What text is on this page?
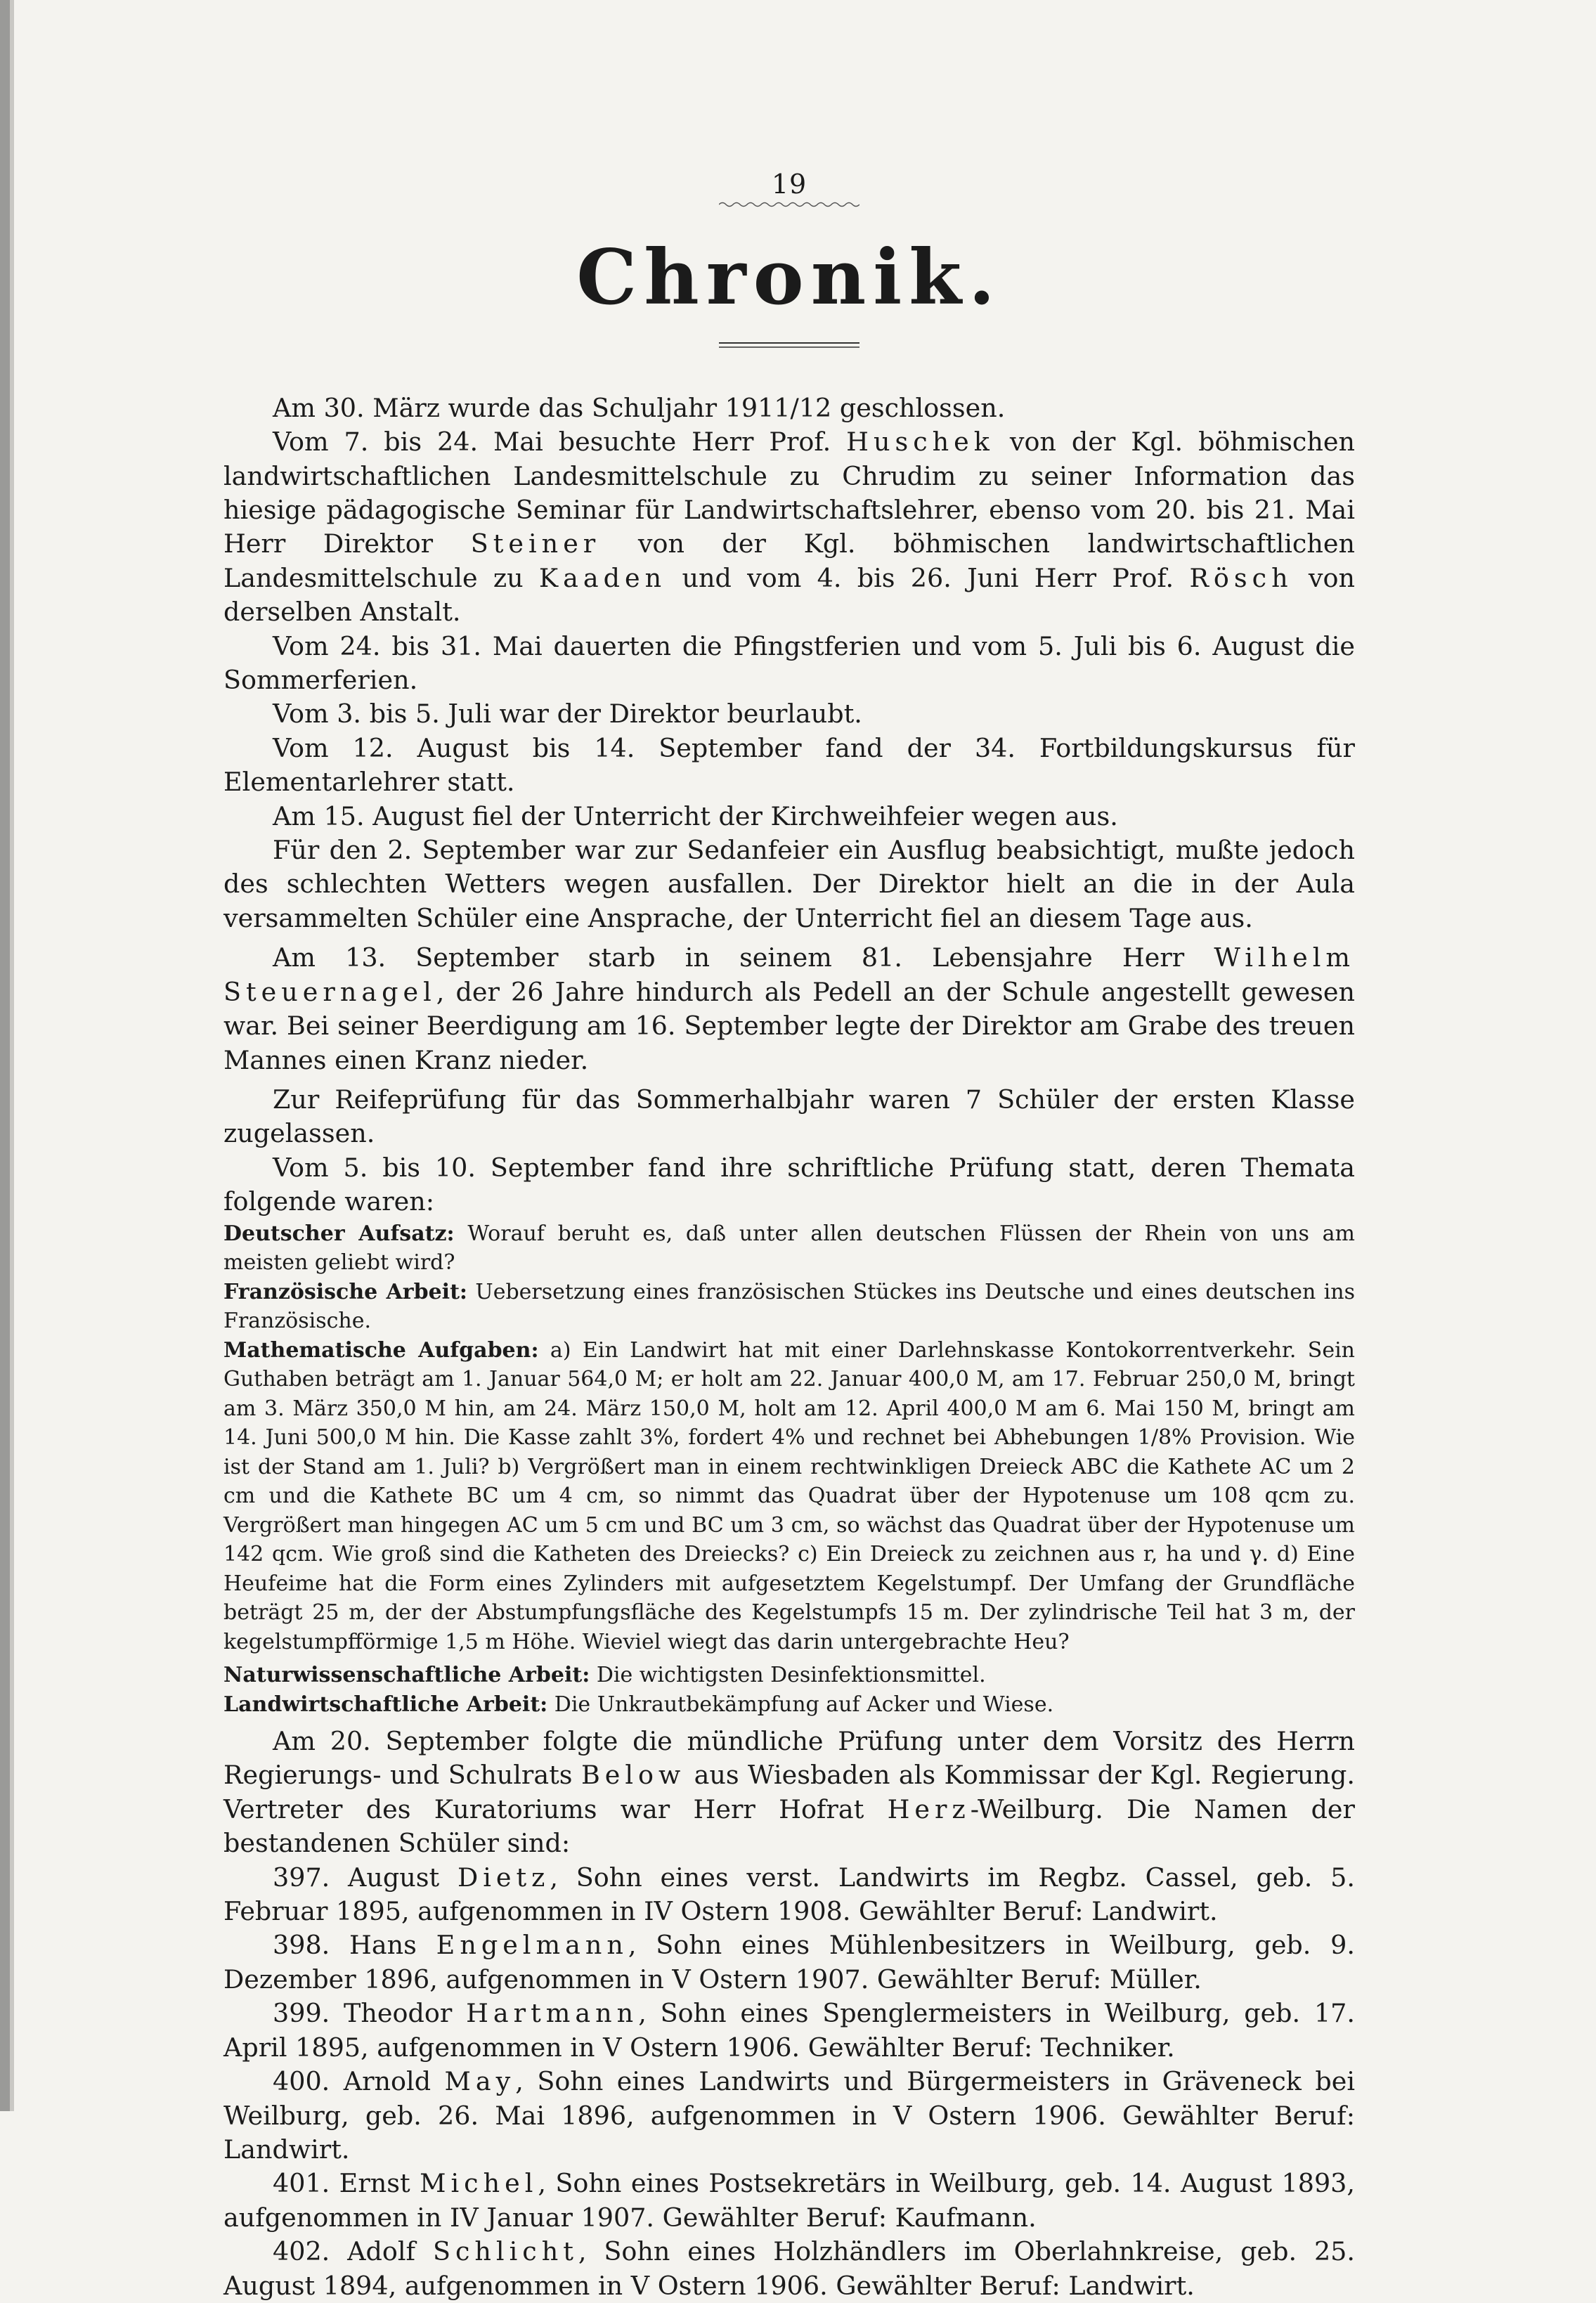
19
Chronik.

Am 30. März wurde das Schuljahr 1911/12 geschlossen.

Vom 7. bis 24. Mai besuchte Herr Prof. Huschek von der Kgl. böhmischen landwirtschaftlichen Landesmittelschule zu Chrudim zu seiner Information das hiesige pädagogische Seminar für Landwirtschaftslehrer, ebenso vom 20. bis 21. Mai Herr Direktor Steiner von der Kgl. böhmischen landwirtschaftlichen Landesmittelschule zu Kaaden und vom 4. bis 26. Juni Herr Prof. Rösch von derselben Anstalt.

Vom 24. bis 31. Mai dauerten die Pfingstferien und vom 5. Juli bis 6. August die Sommerferien.

Vom 3. bis 5. Juli war der Direktor beurlaubt.

Vom 12. August bis 14. September fand der 34. Fortbildungskursus für Elementarlehrer statt.

Am 15. August fiel der Unterricht der Kirchweihfeier wegen aus.

Für den 2. September war zur Sedanfeier ein Ausflug beabsichtigt, mußte jedoch des schlechten Wetters wegen ausfallen. Der Direktor hielt an die in der Aula versammelten Schüler eine Ansprache, der Unterricht fiel an diesem Tage aus.

Am 13. September starb in seinem 81. Lebensjahre Herr Wilhelm Steuernagel, der 26 Jahre hindurch als Pedell an der Schule angestellt gewesen war. Bei seiner Beerdigung am 16. September legte der Direktor am Grabe des treuen Mannes einen Kranz nieder.

Zur Reifeprüfung für das Sommerhalbjahr waren 7 Schüler der ersten Klasse zugelassen.

Vom 5. bis 10. September fand ihre schriftliche Prüfung statt, deren Themata folgende waren:

Deutscher Aufsatz: Worauf beruht es, daß unter allen deutschen Flüssen der Rhein von uns am meisten geliebt wird?

Französische Arbeit: Uebersetzung eines französischen Stückes ins Deutsche und eines deutschen ins Französische.

Mathematische Aufgaben: a) Ein Landwirt hat mit einer Darlehnskasse Kontokorrentverkehr. Sein Guthaben beträgt am 1. Januar 564,0 M; er holt am 22. Januar 400,0 M, am 17. Februar 250,0 M, bringt am 3. März 350,0 M hin, am 24. März 150,0 M, holt am 12. April 400,0 M am 6. Mai 150 M, bringt am 14. Juni 500,0 M hin. Die Kasse zahlt 3%, fordert 4% und rechnet bei Abhebungen 1/8% Provision. Wie ist der Stand am 1. Juli? b) Vergrößert man in einem rechtwinkligen Dreieck ABC die Kathete AC um 2 cm und die Kathete BC um 4 cm, so nimmt das Quadrat über der Hypotenuse um 108 qcm zu. Vergrößert man hingegen AC um 5 cm und BC um 3 cm, so wächst das Quadrat über der Hypotenuse um 142 qcm. Wie groß sind die Katheten des Dreiecks? c) Ein Dreieck zu zeichnen aus r, ha und γ. d) Eine Heufeime hat die Form eines Zylinders mit aufgesetztem Kegelstumpf. Der Umfang der Grundfläche beträgt 25 m, der der Abstumpfungsfläche des Kegelstumpfs 15 m. Der zylindrische Teil hat 3 m, der kegelstumpfförmige 1,5 m Höhe. Wieviel wiegt das darin untergebrachte Heu?

Naturwissenschaftliche Arbeit: Die wichtigsten Desinfektionsmittel.

Landwirtschaftliche Arbeit: Die Unkrautbekämpfung auf Acker und Wiese.

Am 20. September folgte die mündliche Prüfung unter dem Vorsitz des Herrn Regierungs- und Schulrats Below aus Wiesbaden als Kommissar der Kgl. Regierung. Vertreter des Kuratoriums war Herr Hofrat Herz-Weilburg. Die Namen der bestandenen Schüler sind:

397. August Dietz, Sohn eines verst. Landwirts im Regbz. Cassel, geb. 5. Februar 1895, aufgenommen in IV Ostern 1908. Gewählter Beruf: Landwirt.

398. Hans Engelmann, Sohn eines Mühlenbesitzers in Weilburg, geb. 9. Dezember 1896, aufgenommen in V Ostern 1907. Gewählter Beruf: Müller.

399. Theodor Hartmann, Sohn eines Spenglermeisters in Weilburg, geb. 17. April 1895, aufgenommen in V Ostern 1906. Gewählter Beruf: Techniker.

400. Arnold May, Sohn eines Landwirts und Bürgermeisters in Gräveneck bei Weilburg, geb. 26. Mai 1896, aufgenommen in V Ostern 1906. Gewählter Beruf: Landwirt.

401. Ernst Michel, Sohn eines Postsekretärs in Weilburg, geb. 14. August 1893, aufgenommen in IV Januar 1907. Gewählter Beruf: Kaufmann.

402. Adolf Schlicht, Sohn eines Holzhändlers im Oberlahnkreise, geb. 25. August 1894, aufgenommen in V Ostern 1906. Gewählter Beruf: Landwirt.
